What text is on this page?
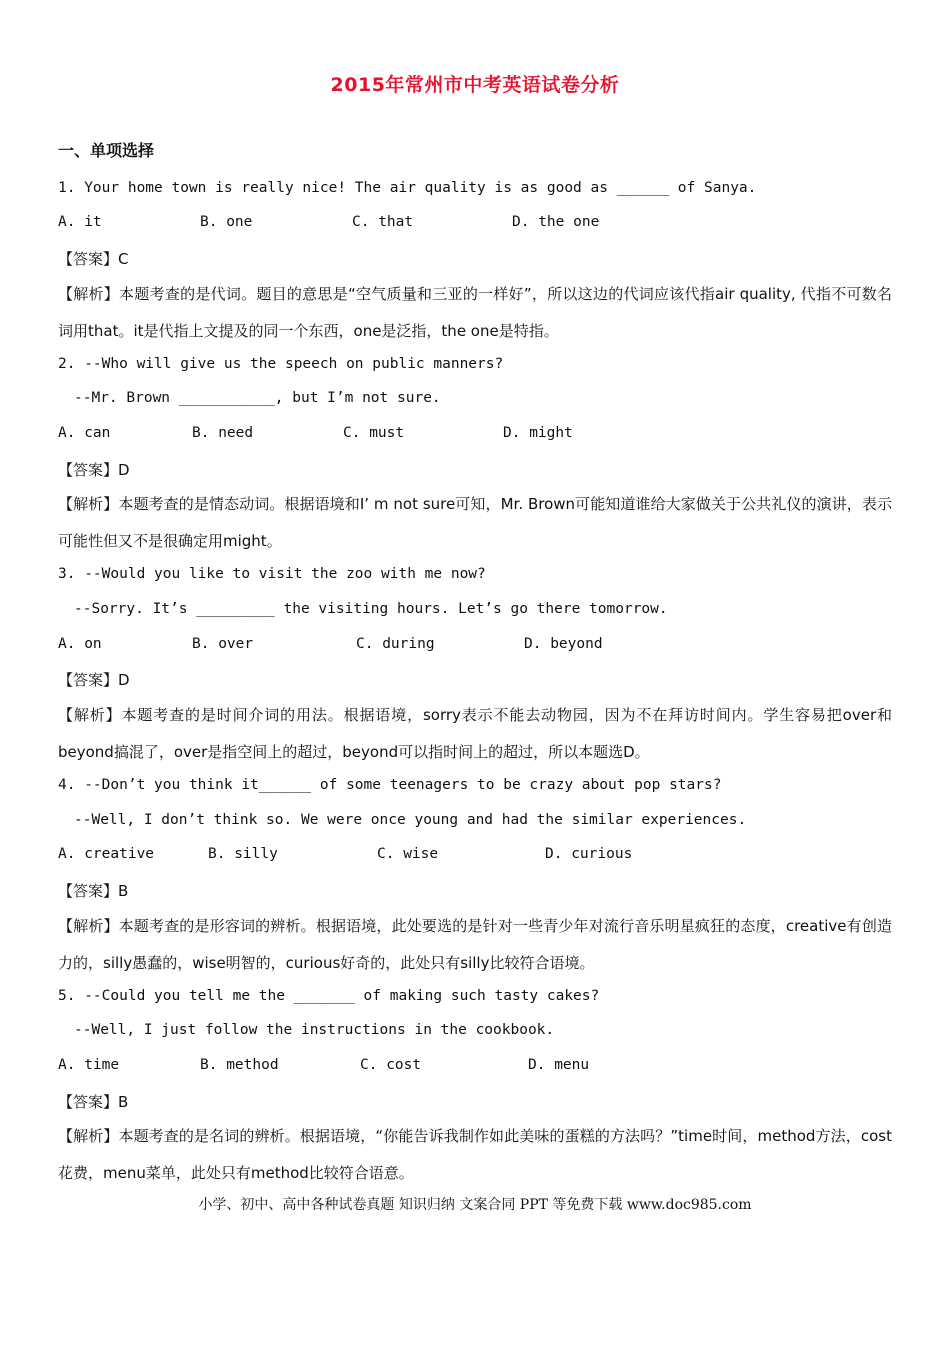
2015年常州市中考英语试卷分析
一、单项选择
1. Your home town is really nice! The air quality is as good as ______ of Sanya.
A. it	B. one	C. that	D. the one
【答案】C
【解析】本题考查的是代词。题目的意思是“空气质量和三亚的一样好”，所以这边的代词应该代指air quality, 代指不可数名词用that。it是代指上文提及的同一个东西，one是泛指，the one是特指。
2. --Who will give us the speech on public manners?
--Mr. Brown ___________, but I’m not sure.
A. can	B. need	C. must	D. might
【答案】D
【解析】本题考查的是情态动词。根据语境和I’ m not sure可知，Mr. Brown可能知道谁给大家做关于公共礼仪的演讲，表示可能性但又不是很确定用might。
3. --Would you like to visit the zoo with me now?
--Sorry. It’s _________ the visiting hours. Let’s go there tomorrow.
A. on	B. over	C. during	D. beyond
【答案】D
【解析】本题考查的是时间介词的用法。根据语境，sorry表示不能去动物园，因为不在拜访时间内。学生容易把over和beyond搞混了，over是指空间上的超过，beyond可以指时间上的超过，所以本题选D。
4. --Don’t you think it______ of some teenagers to be crazy about pop stars?
--Well, I don’t think so. We were once young and had the similar experiences.
A. creative	B. silly	C. wise	D. curious
【答案】B
【解析】本题考查的是形容词的辨析。根据语境，此处要选的是针对一些青少年对流行音乐明星疯狂的态度，creative有创造力的，silly愚蠢的，wise明智的，curious好奇的，此处只有silly比较符合语境。
5. --Could you tell me the _______ of making such tasty cakes?
--Well, I just follow the instructions in the cookbook.
A. time	B. method	C. cost	D. menu
【答案】B
【解析】本题考查的是名词的辨析。根据语境，“你能告诉我制作如此美味的蛋糕的方法吗？”time时间，method方法，cost花费，menu菜单，此处只有method比较符合语意。
小学、初中、高中各种试卷真题 知识归纳 文案合同 PPT 等免费下载 www.doc985.com
